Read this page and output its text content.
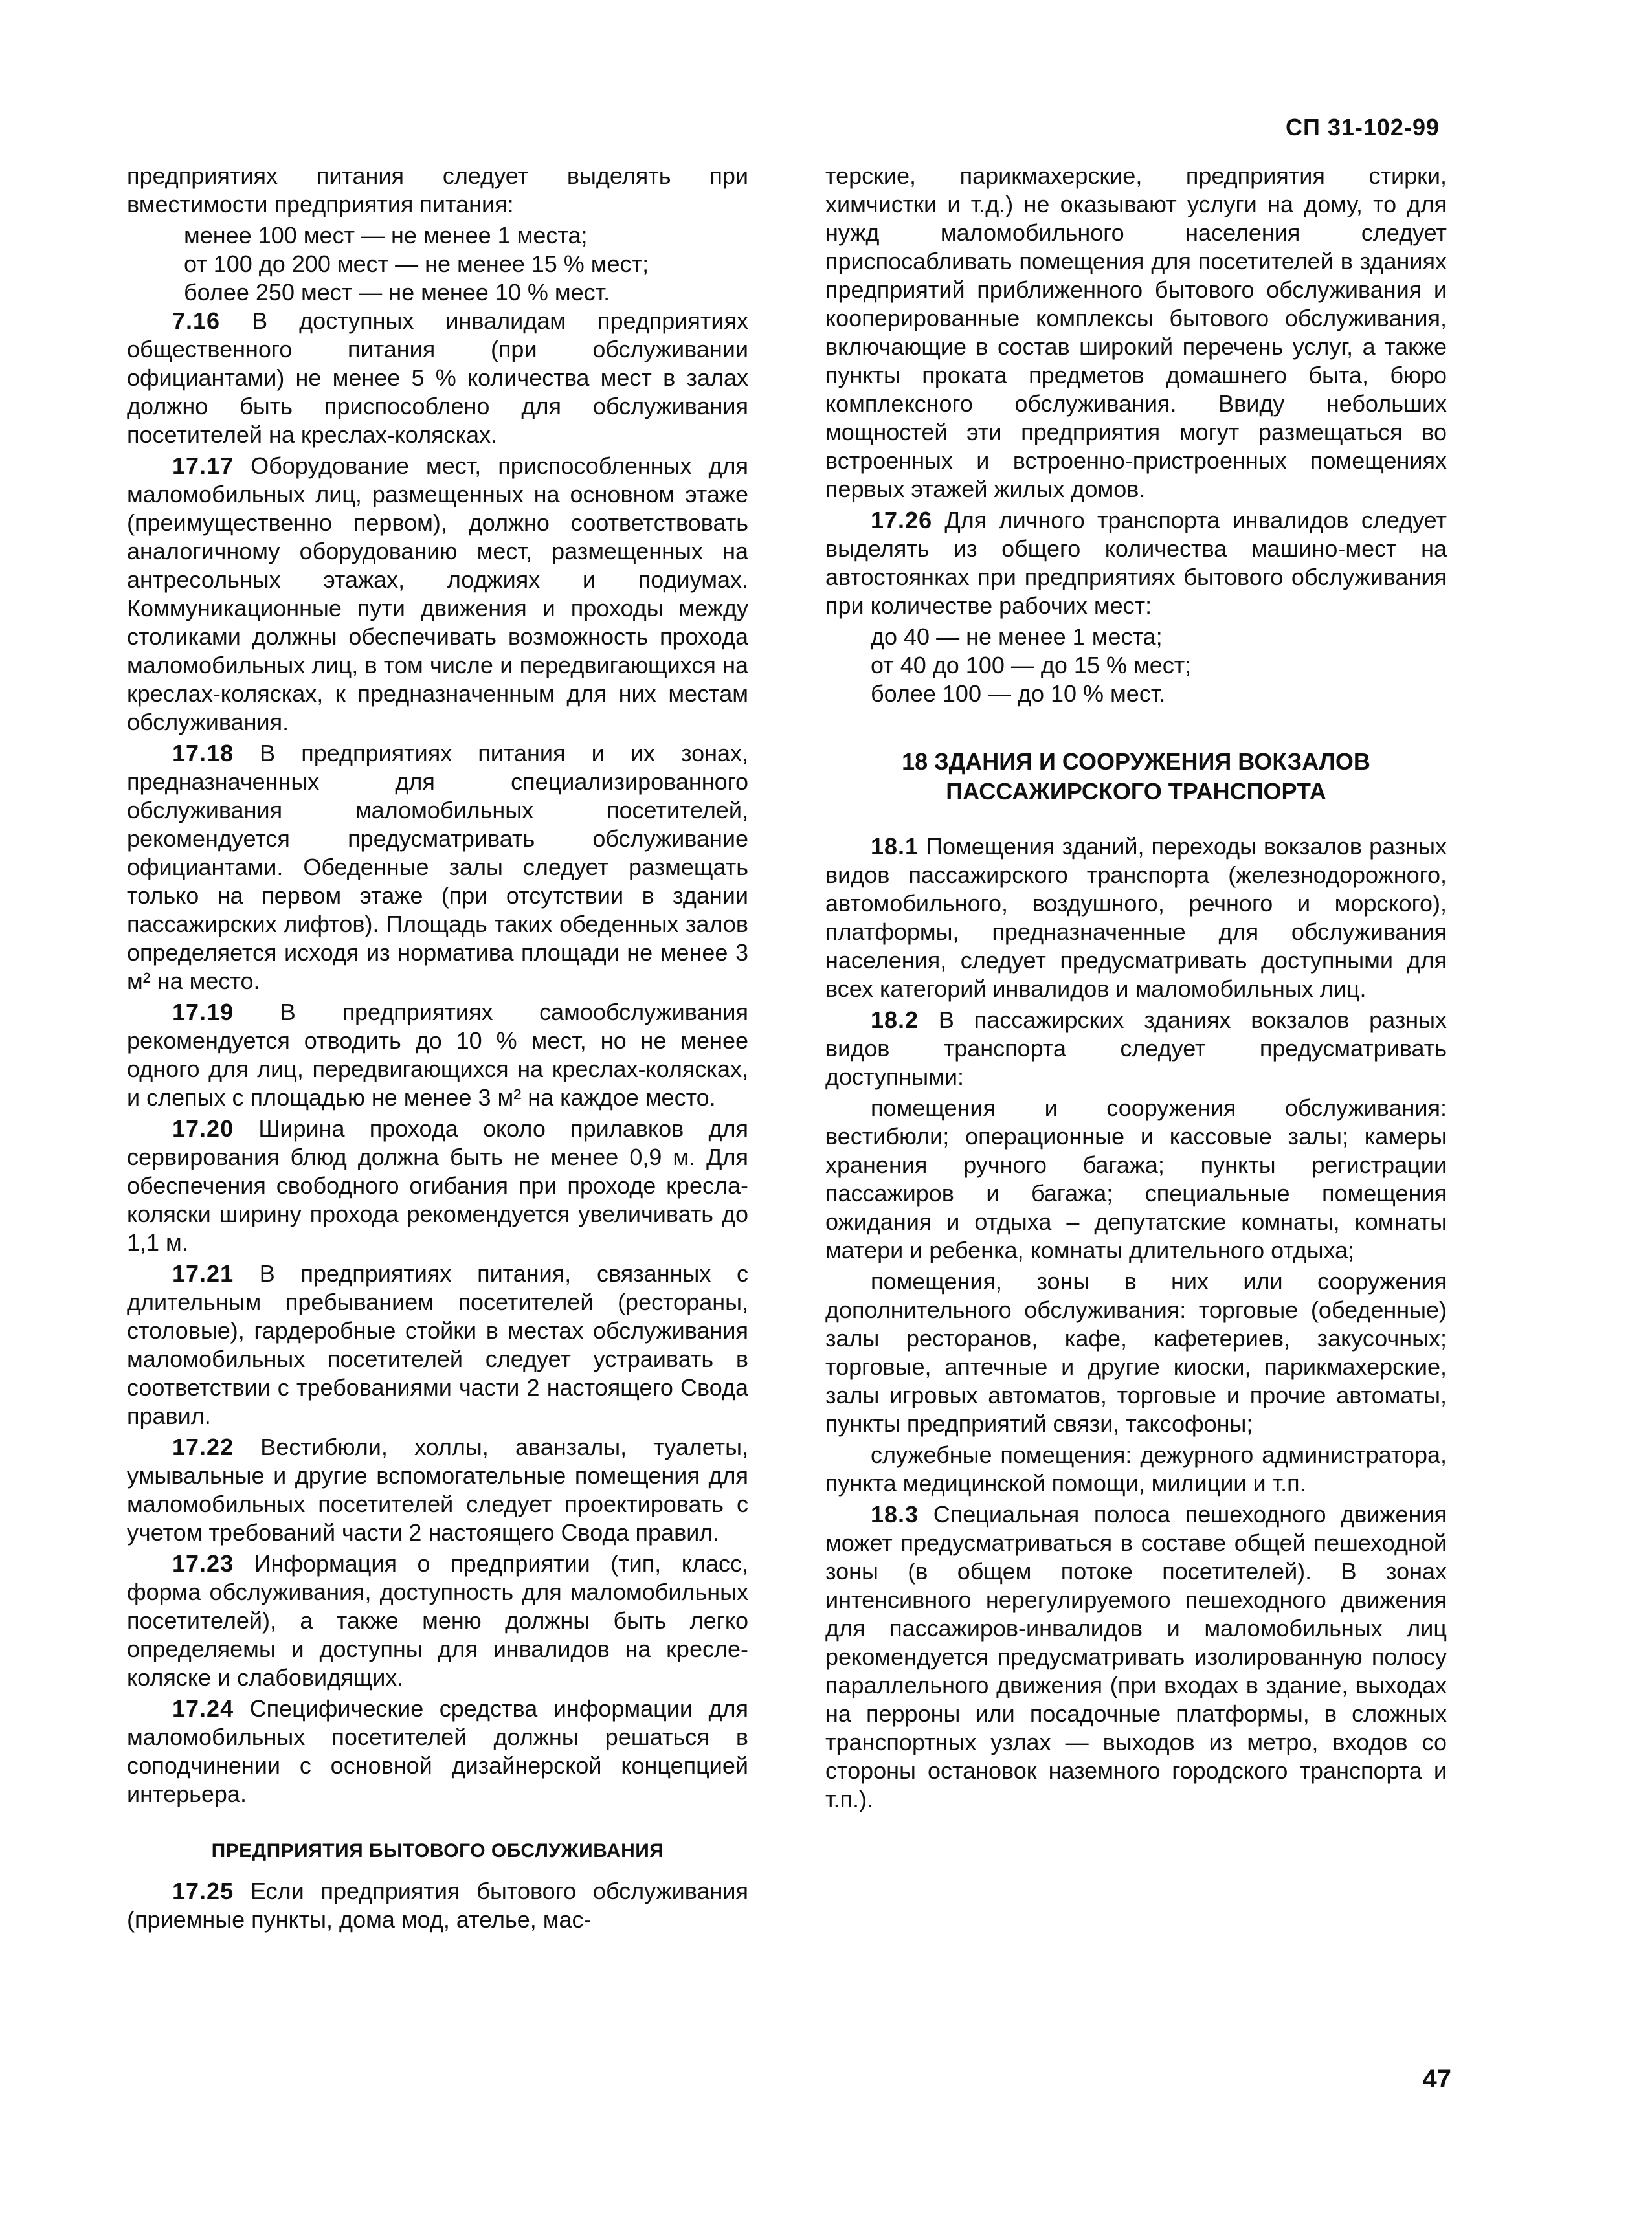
СП 31-102-99

предприятиях питания следует выделять при вместимости предприятия питания:

менее 100 мест — не менее 1 места;

от 100 до 200 мест — не менее 15 % мест;

более 250 мест — не менее 10 % мест.

7.16 В доступных инвалидам предприятиях общественного питания (при обслуживании официантами) не менее 5 % количества мест в залах должно быть приспособлено для обслуживания посетителей на креслах-колясках.

17.17 Оборудование мест, приспособленных для маломобильных лиц, размещенных на основном этаже (преимущественно первом), должно соответствовать аналогичному оборудованию мест, размещенных на антресольных этажах, лоджиях и подиумах. Коммуникационные пути движения и проходы между столиками должны обеспечивать возможность прохода маломобильных лиц, в том числе и передвигающихся на креслах-колясках, к предназначенным для них местам обслуживания.

17.18 В предприятиях питания и их зонах, предназначенных для специализированного обслуживания маломобильных посетителей, рекомендуется предусматривать обслуживание официантами. Обеденные залы следует размещать только на первом этаже (при отсутствии в здании пассажирских лифтов). Площадь таких обеденных залов определяется исходя из норматива площади не менее 3 м² на место.

17.19 В предприятиях самообслуживания рекомендуется отводить до 10 % мест, но не менее одного для лиц, передвигающихся на креслах-колясках, и слепых с площадью не менее 3 м² на каждое место.

17.20 Ширина прохода около прилавков для сервирования блюд должна быть не менее 0,9 м. Для обеспечения свободного огибания при проходе кресла-коляски ширину прохода рекомендуется увеличивать до 1,1 м.

17.21 В предприятиях питания, связанных с длительным пребыванием посетителей (рестораны, столовые), гардеробные стойки в местах обслуживания маломобильных посетителей следует устраивать в соответствии с требованиями части 2 настоящего Свода правил.

17.22 Вестибюли, холлы, аванзалы, туалеты, умывальные и другие вспомогательные помещения для маломобильных посетителей следует проектировать с учетом требований части 2 настоящего Свода правил.

17.23 Информация о предприятии (тип, класс, форма обслуживания, доступность для маломобильных посетителей), а также меню должны быть легко определяемы и доступны для инвалидов на кресле-коляске и слабовидящих.

17.24 Специфические средства информации для маломобильных посетителей должны решаться в соподчинении с основной дизайнерской концепцией интерьера.

ПРЕДПРИЯТИЯ БЫТОВОГО ОБСЛУЖИВАНИЯ

17.25 Если предприятия бытового обслуживания (приемные пункты, дома мод, ателье, мас-

терские, парикмахерские, предприятия стирки, химчистки и т.д.) не оказывают услуги на дому, то для нужд маломобильного населения следует приспосабливать помещения для посетителей в зданиях предприятий приближенного бытового обслуживания и кооперированные комплексы бытового обслуживания, включающие в состав широкий перечень услуг, а также пункты проката предметов домашнего быта, бюро комплексного обслуживания. Ввиду небольших мощностей эти предприятия могут размещаться во встроенных и встроенно-пристроенных помещениях первых этажей жилых домов.

17.26 Для личного транспорта инвалидов следует выделять из общего количества машино-мест на автостоянках при предприятиях бытового обслуживания при количестве рабочих мест:

до 40 — не менее 1 места;

от 40 до 100 — до 15 % мест;

более 100 — до 10 % мест.

18 ЗДАНИЯ И СООРУЖЕНИЯ ВОКЗАЛОВ
ПАССАЖИРСКОГО ТРАНСПОРТА

18.1 Помещения зданий, переходы вокзалов разных видов пассажирского транспорта (железнодорожного, автомобильного, воздушного, речного и морского), платформы, предназначенные для обслуживания населения, следует предусматривать доступными для всех категорий инвалидов и маломобильных лиц.

18.2 В пассажирских зданиях вокзалов разных видов транспорта следует предусматривать доступными:

помещения и сооружения обслуживания: вестибюли; операционные и кассовые залы; камеры хранения ручного багажа; пункты регистрации пассажиров и багажа; специальные помещения ожидания и отдыха – депутатские комнаты, комнаты матери и ребенка, комнаты длительного отдыха;

помещения, зоны в них или сооружения дополнительного обслуживания: торговые (обеденные) залы ресторанов, кафе, кафетериев, закусочных; торговые, аптечные и другие киоски, парикмахерские, залы игровых автоматов, торговые и прочие автоматы, пункты предприятий связи, таксофоны;

служебные помещения: дежурного администратора, пункта медицинской помощи, милиции и т.п.

18.3 Специальная полоса пешеходного движения может предусматриваться в составе общей пешеходной зоны (в общем потоке посетителей). В зонах интенсивного нерегулируемого пешеходного движения для пассажиров-инвалидов и маломобильных лиц рекомендуется предусматривать изолированную полосу параллельного движения (при входах в здание, выходах на перроны или посадочные платформы, в сложных транспортных узлах — выходов из метро, входов со стороны остановок наземного городского транспорта и т.п.).

47
